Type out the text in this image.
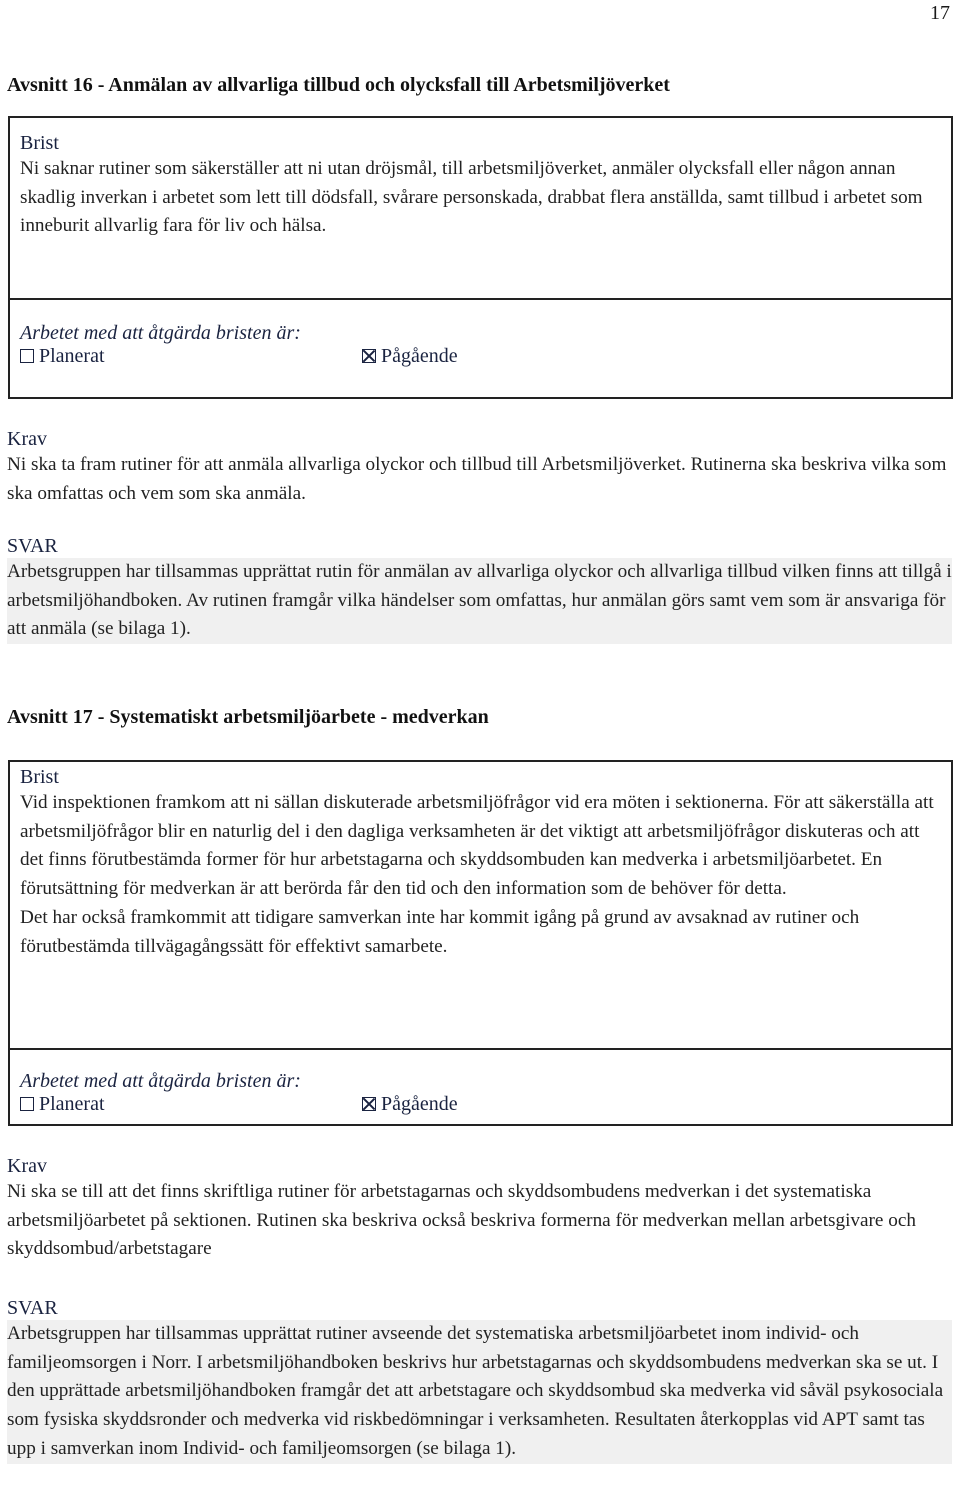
17
Avsnitt 16 - Anmälan av allvarliga tillbud och olycksfall till Arbetsmiljöverket
Brist
Ni saknar rutiner som säkerställer att ni utan dröjsmål, till arbetsmiljöverket, anmäler olycksfall eller någon annan skadlig inverkan i arbetet som lett till dödsfall, svårare personskada, drabbat flera anställda, samt tillbud i arbetet som inneburit allvarlig fara för liv och hälsa.
Arbetet med att åtgärda bristen är:
Planerat	Pågående
Krav
Ni ska ta fram rutiner för att anmäla allvarliga olyckor och tillbud till Arbetsmiljöverket. Rutinerna ska beskriva vilka som ska omfattas och vem som ska anmäla.
SVAR
Arbetsgruppen har tillsammas upprättat rutin för anmälan av allvarliga olyckor och allvarliga tillbud vilken finns att tillgå i arbetsmiljöhandboken. Av rutinen framgår vilka händelser som omfattas, hur anmälan görs samt vem som är ansvariga för att anmäla (se bilaga 1).
Avsnitt 17 - Systematiskt arbetsmiljöarbete - medverkan
Brist
Vid inspektionen framkom att ni sällan diskuterade arbetsmiljöfrågor vid era möten i sektionerna. För att säkerställa att arbetsmiljöfrågor blir en naturlig del i den dagliga verksamheten är det viktigt att arbetsmiljöfrågor diskuteras och att det finns förutbestämda former för hur arbetstagarna och skyddsombuden kan medverka i arbetsmiljöarbetet. En förutsättning för medverkan är att berörda får den tid och den information som de behöver för detta.
Det har också framkommit att tidigare samverkan inte har kommit igång på grund av avsaknad av rutiner och förutbestämda tillvägagångssätt för effektivt samarbete.
Arbetet med att åtgärda bristen är:
Planerat	Pågående
Krav
Ni ska se till att det finns skriftliga rutiner för arbetstagarnas och skyddsombudens medverkan i det systematiska arbetsmiljöarbetet på sektionen. Rutinen ska beskriva också beskriva formerna för medverkan mellan arbetsgivare och skyddsombud/arbetstagare
SVAR
Arbetsgruppen har tillsammas upprättat rutiner avseende det systematiska arbetsmiljöarbetet inom individ- och familjeomsorgen i Norr. I arbetsmiljöhandboken beskrivs hur arbetstagarnas och skyddsombudens medverkan ska se ut. I den upprättade arbetsmiljöhandboken framgår det att arbetstagare och skyddsombud ska medverka vid såväl psykosociala som fysiska skyddsronder och medverka vid riskbedömningar i verksamheten. Resultaten återkopplas vid APT samt tas upp i samverkan inom Individ- och familjeomsorgen (se bilaga 1).
